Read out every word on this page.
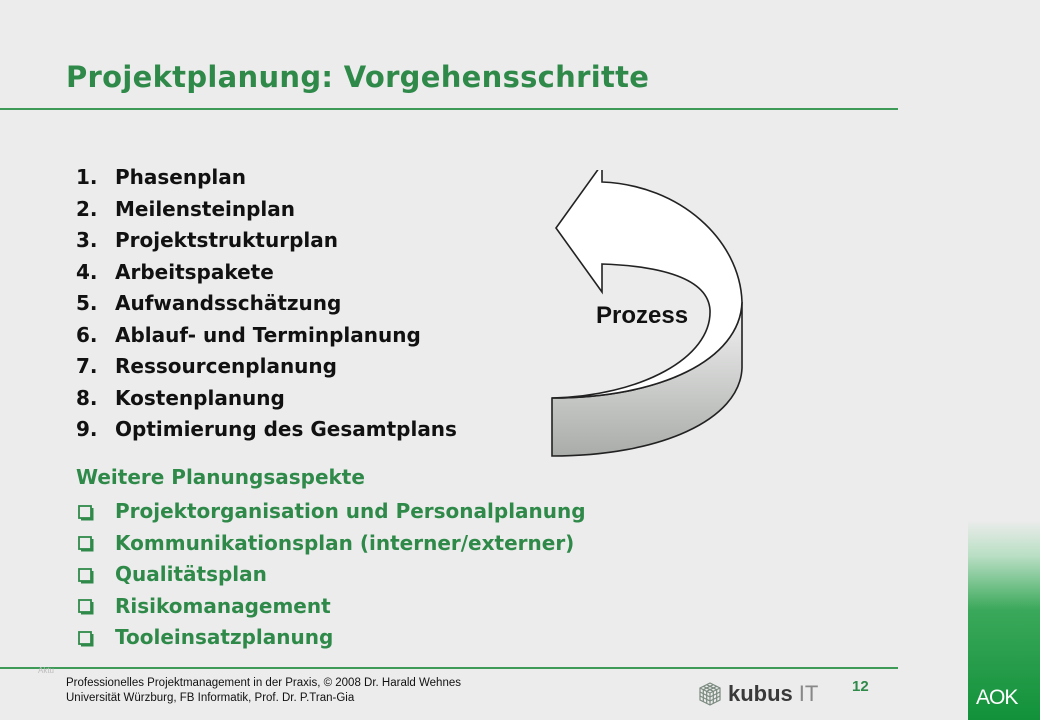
Projektplanung: Vorgehensschritte
1. Phasenplan
2. Meilensteinplan
3. Projektstrukturplan
4. Arbeitspakete
5. Aufwandsschätzung
6. Ablauf- und Terminplanung
7. Ressourcenplanung
8. Kostenplanung
9. Optimierung des Gesamtplans
Weitere Planungsaspekte
Projektorganisation und Personalplanung
Kommunikationsplan (interner/externer)
Qualitätsplan
Risikomanagement
Tooleinsatzplanung
Prozess
Aktu
Professionelles Projektmanagement in der Praxis, © 2008 Dr. Harald Wehnes
Universität Würzburg, FB Informatik, Prof. Dr. P.Tran-Gia
12
kubus IT	AOK
